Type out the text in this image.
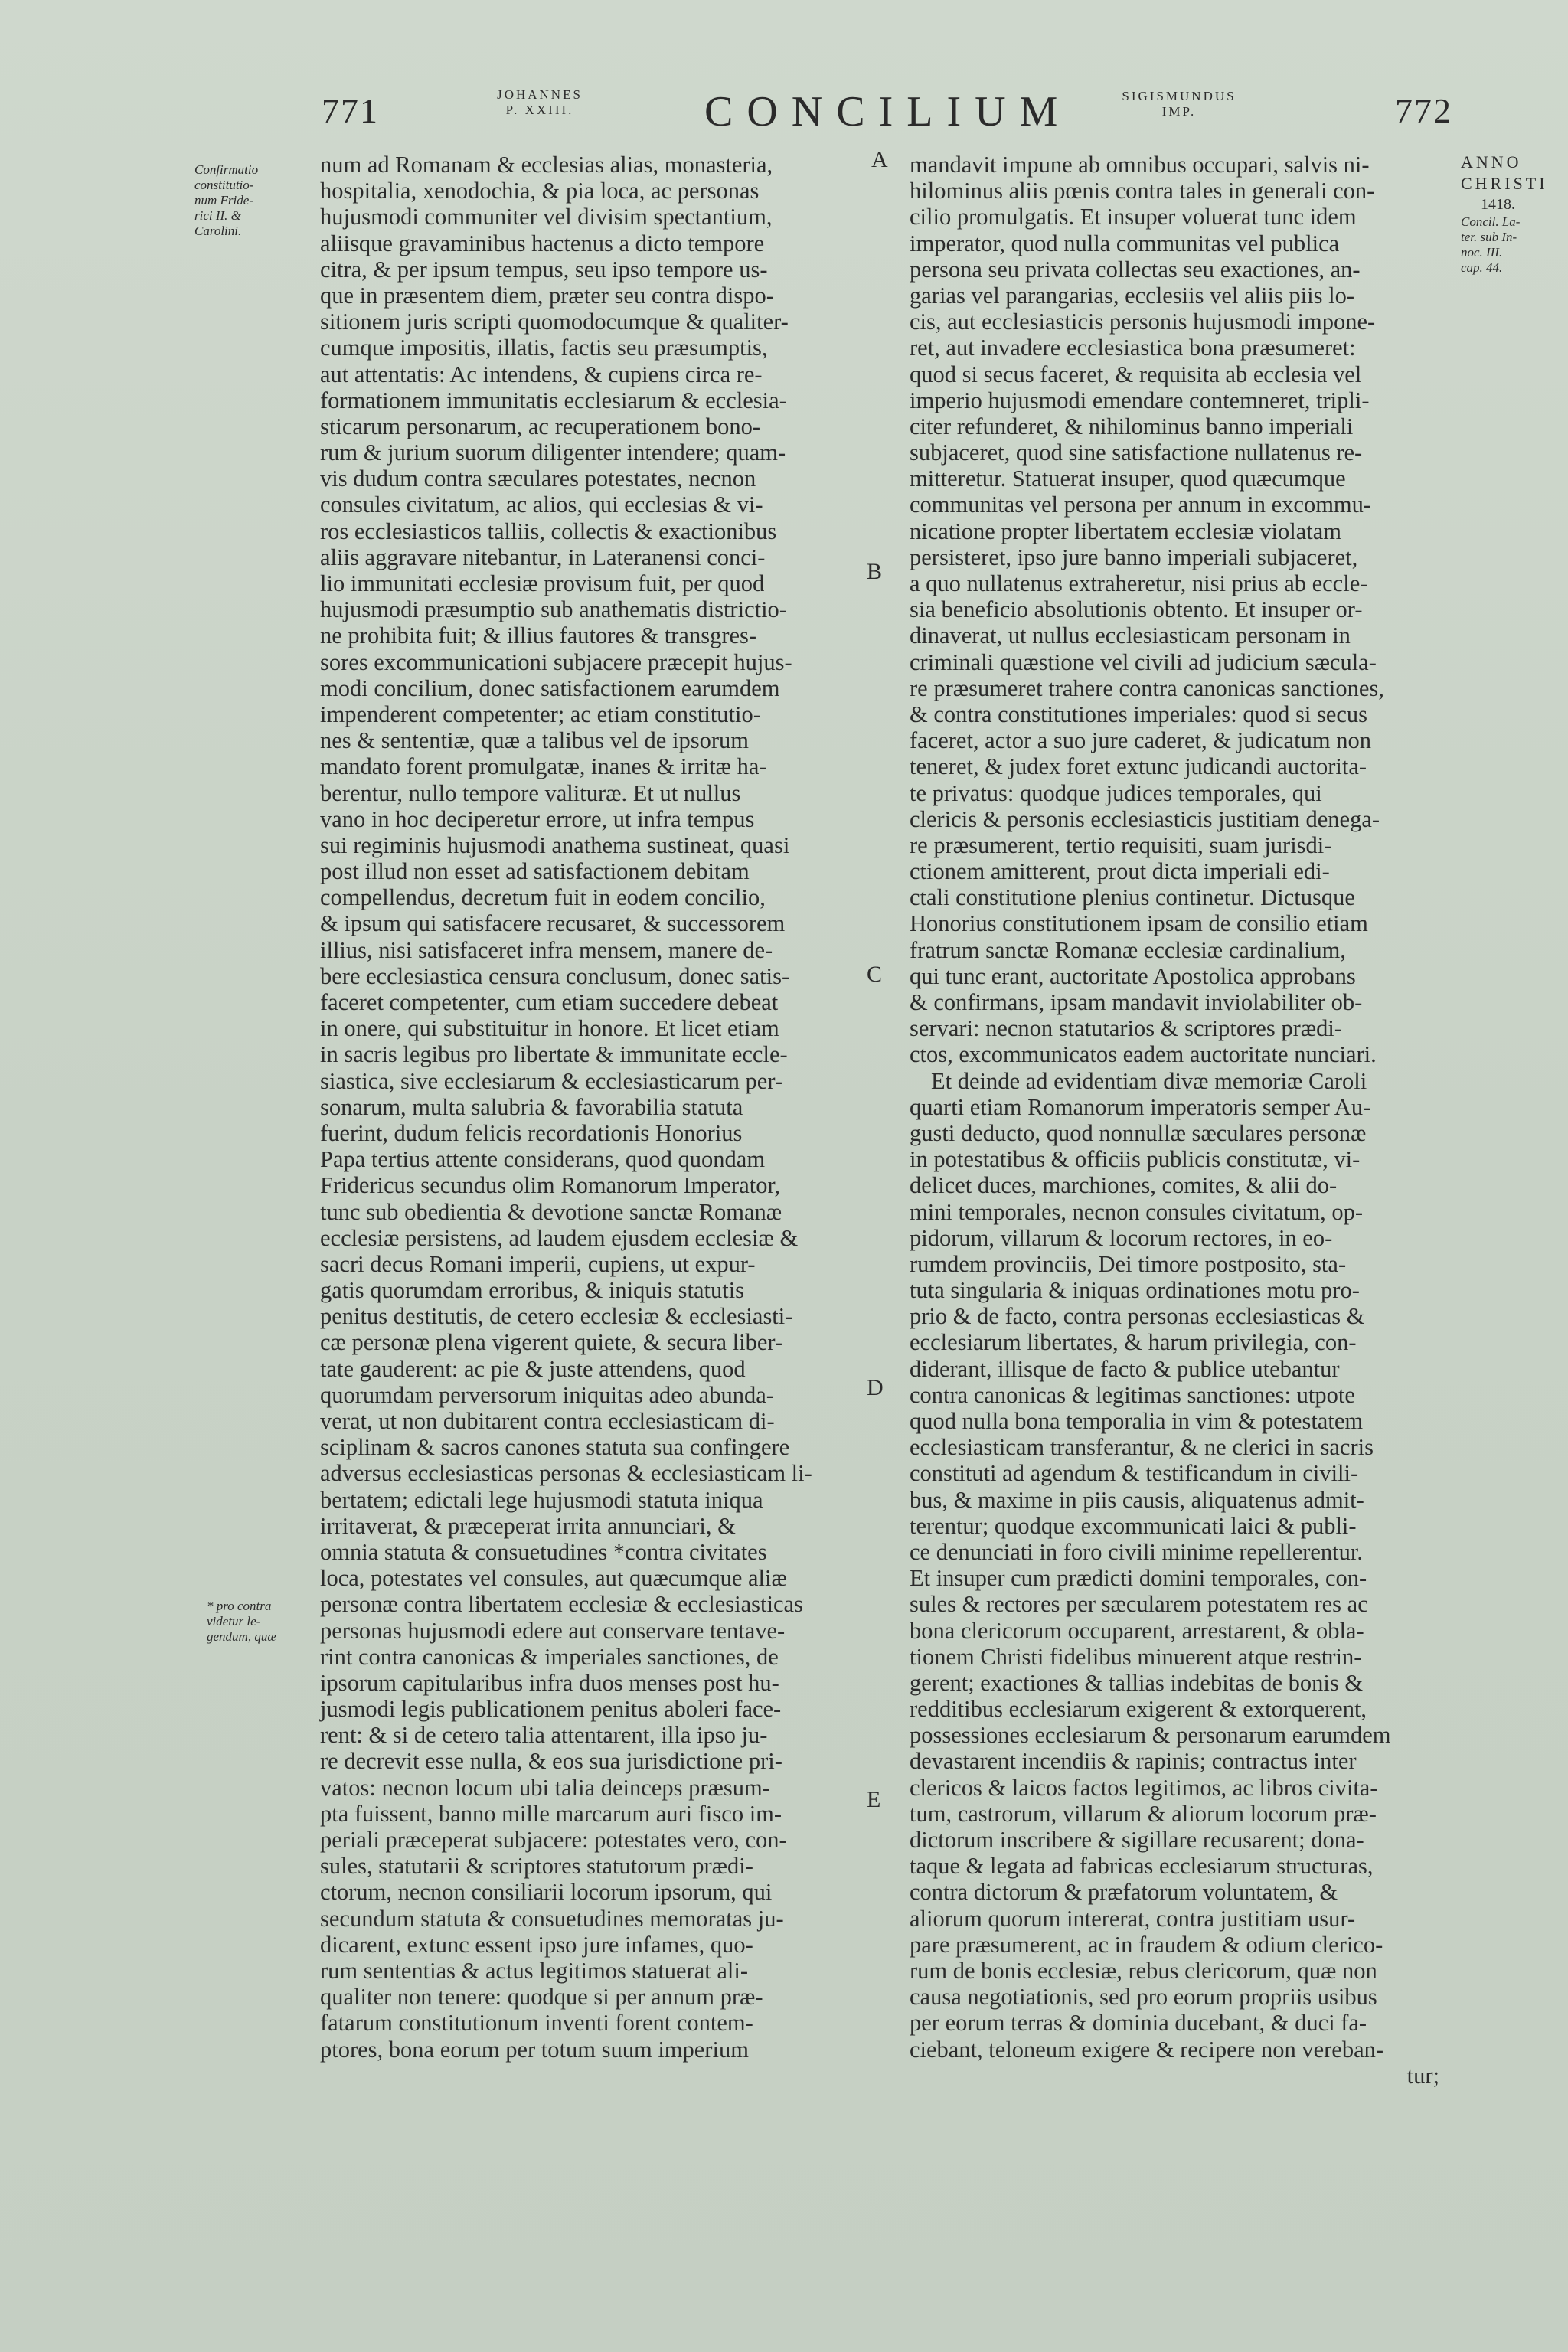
771	JOHANNES
P. XXIII.	CONCILIUM	SIGISMUNDUS
IMP.	772
Confirmatio
constitutio-
num Fride-
rici II. &
Carolini.
* pro contra
videtur le-
gendum, quæ
ANNO
CHRISTI
1418.
Concil. La-
ter. sub In-
noc. III.
cap. 44.
A
B
C
D
E
num ad Romanam & ecclesias alias, monasteria,
hospitalia, xenodochia, & pia loca, ac personas
hujusmodi communiter vel divisim spectantium,
aliisque gravaminibus hactenus a dicto tempore
citra, & per ipsum tempus, seu ipso tempore us-
que in præsentem diem, præter seu contra dispo-
sitionem juris scripti quomodocumque & qualiter-
cumque impositis, illatis, factis seu præsumptis,
aut attentatis: Ac intendens, & cupiens circa re-
formationem immunitatis ecclesiarum & ecclesia-
sticarum personarum, ac recuperationem bono-
rum & jurium suorum diligenter intendere; quam-
vis dudum contra sæculares potestates, necnon
consules civitatum, ac alios, qui ecclesias & vi-
ros ecclesiasticos talliis, collectis & exactionibus
aliis aggravare nitebantur, in Lateranensi conci-
lio immunitati ecclesiæ provisum fuit, per quod
hujusmodi præsumptio sub anathematis districtio-
ne prohibita fuit; & illius fautores & transgres-
sores excommunicationi subjacere præcepit hujus-
modi concilium, donec satisfactionem earumdem
impenderent competenter; ac etiam constitutio-
nes & sententiæ, quæ a talibus vel de ipsorum
mandato forent promulgatæ, inanes & irritæ ha-
berentur, nullo tempore valituræ. Et ut nullus
vano in hoc deciperetur errore, ut infra tempus
sui regiminis hujusmodi anathema sustineat, quasi
post illud non esset ad satisfactionem debitam
compellendus, decretum fuit in eodem concilio,
& ipsum qui satisfacere recusaret, & successorem
illius, nisi satisfaceret infra mensem, manere de-
bere ecclesiastica censura conclusum, donec satis-
faceret competenter, cum etiam succedere debeat
in onere, qui substituitur in honore. Et licet etiam
in sacris legibus pro libertate & immunitate eccle-
siastica, sive ecclesiarum & ecclesiasticarum per-
sonarum, multa salubria & favorabilia statuta
fuerint, dudum felicis recordationis Honorius
Papa tertius attente considerans, quod quondam
Fridericus secundus olim Romanorum Imperator,
tunc sub obedientia & devotione sanctæ Romanæ
ecclesiæ persistens, ad laudem ejusdem ecclesiæ &
sacri decus Romani imperii, cupiens, ut expur-
gatis quorumdam erroribus, & iniquis statutis
penitus destitutis, de cetero ecclesiæ & ecclesiasti-
cæ personæ plena vigerent quiete, & secura liber-
tate gauderent: ac pie & juste attendens, quod
quorumdam perversorum iniquitas adeo abunda-
verat, ut non dubitarent contra ecclesiasticam di-
sciplinam & sacros canones statuta sua confingere
adversus ecclesiasticas personas & ecclesiasticam li-
bertatem; edictali lege hujusmodi statuta iniqua
irritaverat, & præceperat irrita annunciari, &
omnia statuta & consuetudines *contra civitates
loca, potestates vel consules, aut quæcumque aliæ
personæ contra libertatem ecclesiæ & ecclesiasticas
personas hujusmodi edere aut conservare tentave-
rint contra canonicas & imperiales sanctiones, de
ipsorum capitularibus infra duos menses post hu-
jusmodi legis publicationem penitus aboleri face-
rent: & si de cetero talia attentarent, illa ipso ju-
re decrevit esse nulla, & eos sua jurisdictione pri-
vatos: necnon locum ubi talia deinceps præsum-
pta fuissent, banno mille marcarum auri fisco im-
periali præceperat subjacere: potestates vero, con-
sules, statutarii & scriptores statutorum prædi-
ctorum, necnon consiliarii locorum ipsorum, qui
secundum statuta & consuetudines memoratas ju-
dicarent, extunc essent ipso jure infames, quo-
rum sententias & actus legitimos statuerat ali-
qualiter non tenere: quodque si per annum præ-
fatarum constitutionum inventi forent contem-
ptores, bona eorum per totum suum imperium
mandavit impune ab omnibus occupari, salvis ni-
hilominus aliis pœnis contra tales in generali con-
cilio promulgatis. Et insuper voluerat tunc idem
imperator, quod nulla communitas vel publica
persona seu privata collectas seu exactiones, an-
garias vel parangarias, ecclesiis vel aliis piis lo-
cis, aut ecclesiasticis personis hujusmodi impone-
ret, aut invadere ecclesiastica bona præsumeret:
quod si secus faceret, & requisita ab ecclesia vel
imperio hujusmodi emendare contemneret, tripli-
citer refunderet, & nihilominus banno imperiali
subjaceret, quod sine satisfactione nullatenus re-
mitteretur. Statuerat insuper, quod quæcumque
communitas vel persona per annum in excommu-
nicatione propter libertatem ecclesiæ violatam
persisteret, ipso jure banno imperiali subjaceret,
a quo nullatenus extraheretur, nisi prius ab eccle-
sia beneficio absolutionis obtento. Et insuper or-
dinaverat, ut nullus ecclesiasticam personam in
criminali quæstione vel civili ad judicium sæcula-
re præsumeret trahere contra canonicas sanctiones,
& contra constitutiones imperiales: quod si secus
faceret, actor a suo jure caderet, & judicatum non
teneret, & judex foret extunc judicandi auctorita-
te privatus: quodque judices temporales, qui
clericis & personis ecclesiasticis justitiam denega-
re præsumerent, tertio requisiti, suam jurisdi-
ctionem amitterent, prout dicta imperiali edi-
ctali constitutione plenius continetur. Dictusque
Honorius constitutionem ipsam de consilio etiam
fratrum sanctæ Romanæ ecclesiæ cardinalium,
qui tunc erant, auctoritate Apostolica approbans
& confirmans, ipsam mandavit inviolabiliter ob-
servari: necnon statutarios & scriptores prædi-
ctos, excommunicatos eadem auctoritate nunciari.
Et deinde ad evidentiam divæ memoriæ Caroli
quarti etiam Romanorum imperatoris semper Au-
gusti deducto, quod nonnullæ sæculares personæ
in potestatibus & officiis publicis constitutæ, vi-
delicet duces, marchiones, comites, & alii do-
mini temporales, necnon consules civitatum, op-
pidorum, villarum & locorum rectores, in eo-
rumdem provinciis, Dei timore postposito, sta-
tuta singularia & iniquas ordinationes motu pro-
prio & de facto, contra personas ecclesiasticas &
ecclesiarum libertates, & harum privilegia, con-
diderant, illisque de facto & publice utebantur
contra canonicas & legitimas sanctiones: utpote
quod nulla bona temporalia in vim & potestatem
ecclesiasticam transferantur, & ne clerici in sacris
constituti ad agendum & testificandum in civili-
bus, & maxime in piis causis, aliquatenus admit-
terentur; quodque excommunicati laici & publi-
ce denunciati in foro civili minime repellerentur.
Et insuper cum prædicti domini temporales, con-
sules & rectores per sæcularem potestatem res ac
bona clericorum occuparent, arrestarent, & obla-
tionem Christi fidelibus minuerent atque restrin-
gerent; exactiones & tallias indebitas de bonis &
redditibus ecclesiarum exigerent & extorquerent,
possessiones ecclesiarum & personarum earumdem
devastarent incendiis & rapinis; contractus inter
clericos & laicos factos legitimos, ac libros civita-
tum, castrorum, villarum & aliorum locorum præ-
dictorum inscribere & sigillare recusarent; dona-
taque & legata ad fabricas ecclesiarum structuras,
contra dictorum & præfatorum voluntatem, &
aliorum quorum intererat, contra justitiam usur-
pare præsumerent, ac in fraudem & odium clerico-
rum de bonis ecclesiæ, rebus clericorum, quæ non
causa negotiationis, sed pro eorum propriis usibus
per eorum terras & dominia ducebant, & duci fa-
ciebant, teloneum exigere & recipere non vereban-
tur;
